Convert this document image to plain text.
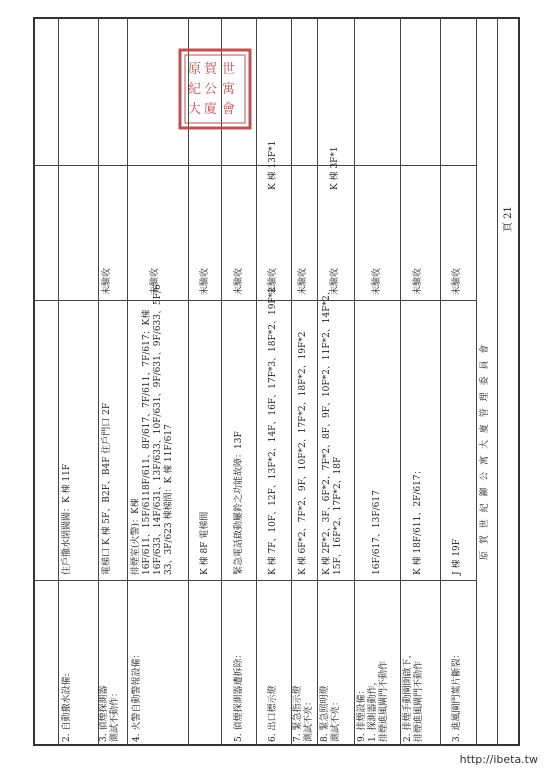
2. 自動撒水設備:
住戶撒水閉閥閥：K 棟 11F
3. 偵煙探測器
測試不動作：
電梯口 K 棟 5F、B2F、B4F 住戶門口 2F
未驗收
4. 火警自動警報設備：
排煙室(火警)：K棟
16F/611、15F/6118F/611、8F/617、7F/611、7F/617；K棟
16F/633、14F/631、13F/633、10F/631、9F/631、9F/633、5F/6
33、3F/623 棟梯間：K 棟 11F/617
未驗收
K 棟 8F 電梯間
未驗收
5. 偵煙探測器遭拆除：
緊急電話啟動屢鈴之功能故障：13F
未驗收
6. 出口標示燈
K 棟 7F、10F、12F、13F*2、14F、16F、17F*3、18F*2、19F*2
未驗收
K 棟 13F*1
7. 緊急指示燈
測試不亮：
K 棟 6F*2、7F*2、9F、10F*2、17F*2、18F*2、19F*2
未驗收
8. 緊急照明燈
測試不亮：
K 棟 2F*2、3F、6F*2、7F*2、8F、9F、10F*2、11F*2、14F*2、
15F、16F*2、17F*2、18F
未驗收
K 棟 3F*1
9. 排煙設備：
1. 探測器動作，
排煙進風閘門不動作
16F/617、13F/617
未驗收
2. 排煙手動閘開啟下，
排煙進風閘門不動作
K 棟 18F/611、2F/617；
未驗收
3. 進風閘門葉片斷裂：
J 棟 19F
未驗收
原 賀 世 紀 鉚 公 寓 大 廈 管 理 委 員 會
頁 21
原 賀 世
紀 公 寓
大 廈 會
http://ibeta.tw
